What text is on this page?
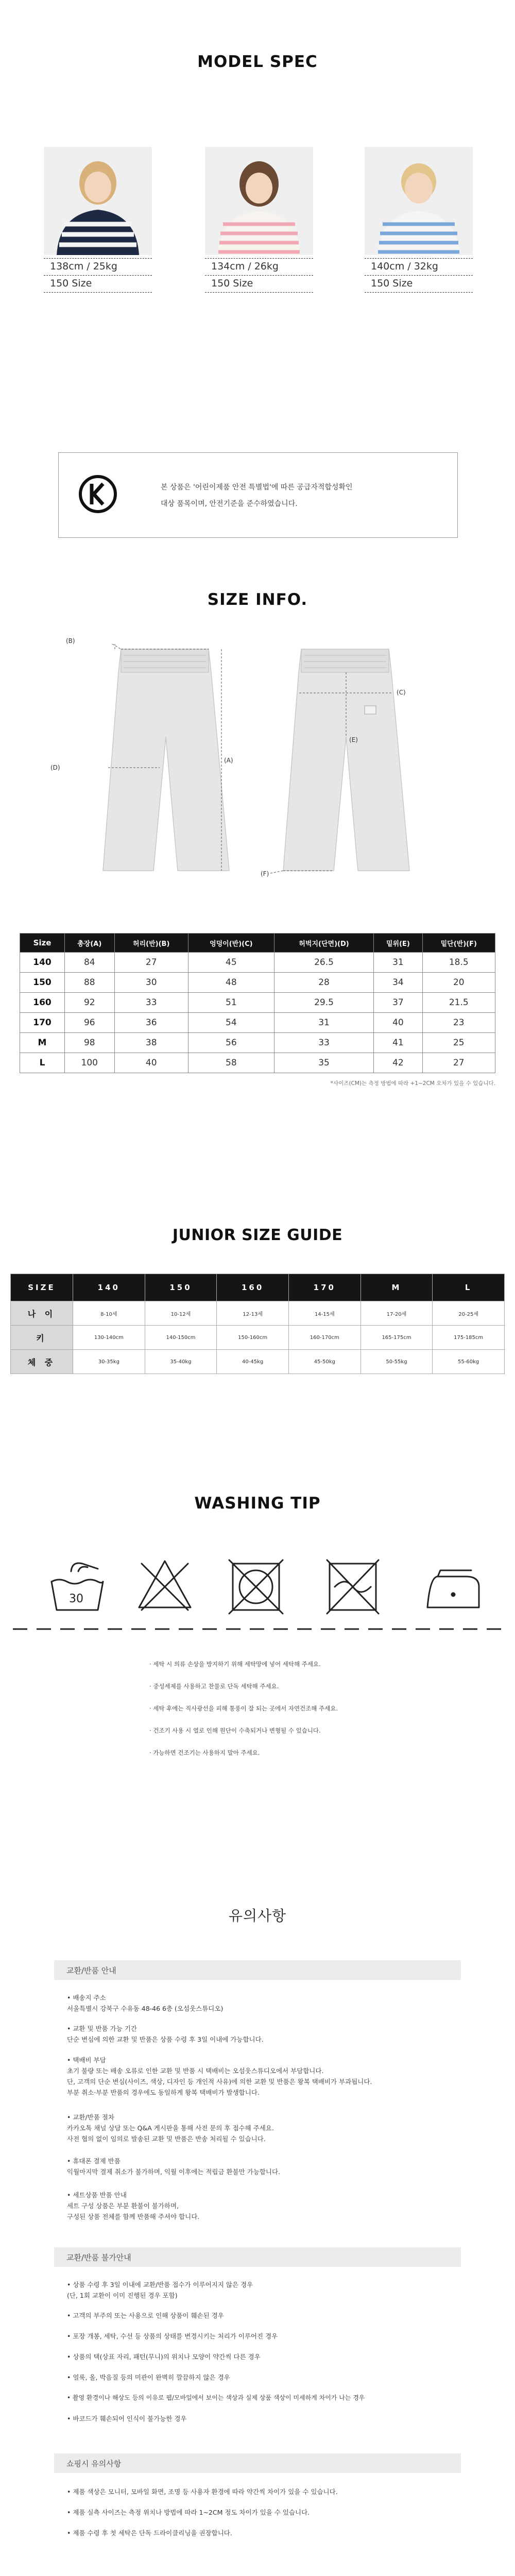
MODEL SPEC
138cm / 25kg
150 Size
134cm / 26kg
150 Size
140cm / 32kg
150 Size
본 상품은 '어린이제품 안전 특별법'에 따른 공급자적합성확인
대상 품목이며, 안전기준을 준수하였습니다.
SIZE INFO.
(B)
(A)
(D)
(C)
(E)
(F)
Size	총장(A)	허리(반)(B)	엉덩이(반)(C)	허벅지(단면)(D)	밑위(E)	밑단(반)(F)
140	84	27	45	26.5	31	18.5
150	88	30	48	28	34	20
160	92	33	51	29.5	37	21.5
170	96	36	54	31	40	23
M	98	38	56	33	41	25
L	100	40	58	35	42	27
*사이즈(CM)는 측정 방법에 따라 +1~2CM 오차가 있을 수 있습니다.
JUNIOR SIZE GUIDE
SIZE	140	150	160	170	M	L
나 이	8-10세	10-12세	12-13세	14-15세	17-20세	20-25세
키	130-140cm	140-150cm	150-160cm	160-170cm	165-175cm	175-185cm
체 중	30-35kg	35-40kg	40-45kg	45-50kg	50-55kg	55-60kg
WASHING TIP
30
· 세탁 시 의류 손상을 방지하기 위해 세탁망에 넣어 세탁해 주세요.
· 중성세제를 사용하고 찬물로 단독 세탁해 주세요.
· 세탁 후에는 직사광선을 피해 통풍이 잘 되는 곳에서 자연건조해 주세요.
· 건조기 사용 시 열로 인해 원단이 수축되거나 변형될 수 있습니다.
· 가능하면 건조기는 사용하지 말아 주세요.
유의사항
교환/반품 안내
• 배송지 주소
서울특별시 강북구 수유동 48-46 6층 (오섬웃스튜디오)
• 교환 및 반품 가능 기간
단순 변심에 의한 교환 및 반품은 상품 수령 후 3일 이내에 가능합니다.
• 택배비 부담
초기 불량 또는 배송 오류로 인한 교환 및 반품 시 택배비는 오섬웃스튜디오에서 부담합니다.
단, 고객의 단순 변심(사이즈, 색상, 디자인 등 개인적 사유)에 의한 교환 및 반품은 왕복 택배비가 부과됩니다.
부분 취소·부분 반품의 경우에도 동일하게 왕복 택배비가 발생합니다.
• 교환/반품 절차
카카오톡 채널 상담 또는 Q&A 게시판을 통해 사전 문의 후 접수해 주세요.
사전 협의 없이 임의로 발송된 교환 및 반품은 반송 처리될 수 있습니다.
• 휴대폰 결제 반품
익월마지막 결제 취소가 불가하며, 익월 이후에는 적립금 환불만 가능합니다.
• 세트상품 반품 안내
세트 구성 상품은 부분 환불이 불가하며,
구성된 상품 전체를 함께 반품해 주셔야 합니다.
교환/반품 불가안내
• 상품 수령 후 3일 이내에 교환/반품 접수가 이루어지지 않은 경우
(단, 1회 교환이 이미 진행된 경우 포함)
• 고객의 부주의 또는 사용으로 인해 상품이 훼손된 경우
• 포장 개봉, 세탁, 수선 등 상품의 상태를 변경시키는 처리가 이루어진 경우
• 상품의 택(상표 자리, 패턴(무니)의 위치나 모양이 약간씩 다른 경우
• 얼룩, 올, 박음질 등의 미관이 완벽히 깔끔하지 않은 경우
• 촬영 환경이나 해상도 등의 이유로 웹/모바일에서 보이는 색상과 실제 상품 색상이 미세하게 차이가 나는 경우
• 바코드가 훼손되어 인식이 불가능한 경우
쇼핑시 유의사항
• 제품 색상은 모니터, 모바일 화면, 조명 등 사용자 환경에 따라 약간씩 차이가 있을 수 있습니다.
• 제품 실측 사이즈는 측정 위치나 방법에 따라 1~2CM 정도 차이가 있을 수 있습니다.
• 제품 수령 후 첫 세탁은 단독 드라이클리닝을 권장합니다.
